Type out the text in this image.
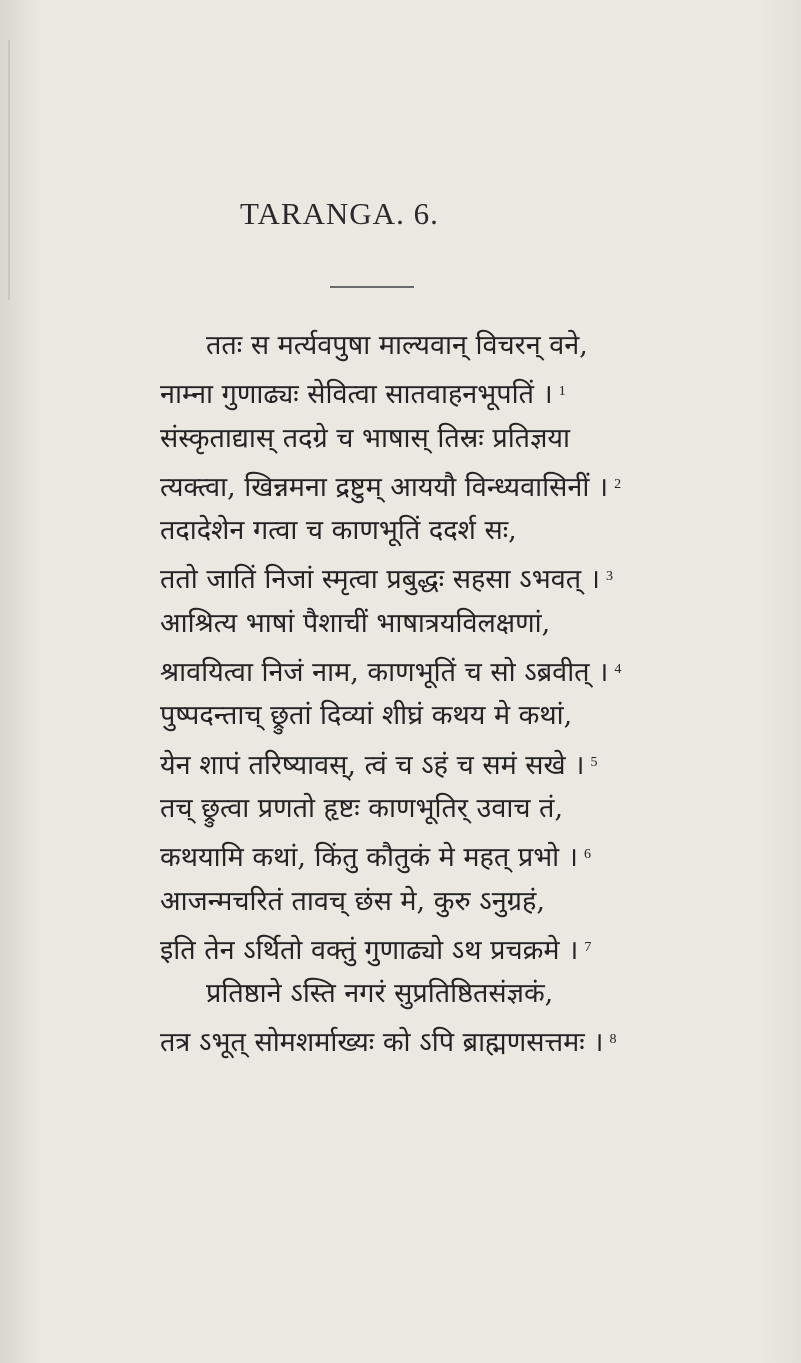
TARANGA. 6.
ततः स मर्त्यवपुषा माल्यवान् विचरन् वने,
नाम्ना गुणाढ्यः सेवित्वा सातवाहनभूपतिं । 1
संस्कृताद्यास् तदग्रे च भाषास् तिस्रः प्रतिज्ञया
त्यक्त्वा, खिन्नमना द्रष्टुम् आययौ विन्ध्यवासिनीं । 2
तदादेशेन गत्वा च काणभूतिं ददर्श सः,
ततो जातिं निजां स्मृत्वा प्रबुद्धः सहसा ऽभवत् । 3
आश्रित्य भाषां पैशाचीं भाषात्रयविलक्षणां,
श्रावयित्वा निजं नाम, काणभूतिं च सो ऽब्रवीत् । 4
पुष्पदन्ताच् छ्रुतां दिव्यां शीघ्रं कथय मे कथां,
येन शापं तरिष्यावस्, त्वं च ऽहं च समं सखे । 5
तच् छ्रुत्वा प्रणतो हृष्टः काणभूतिर् उवाच तं,
कथयामि कथां, किंतु कौतुकं मे महत् प्रभो । 6
आजन्मचरितं तावच् छंस मे, कुरु ऽनुग्रहं,
इति तेन ऽर्थितो वक्तुं गुणाढ्यो ऽथ प्रचक्रमे । 7
प्रतिष्ठाने ऽस्ति नगरं सुप्रतिष्ठितसंज्ञकं,
तत्र ऽभूत् सोमशर्माख्यः को ऽपि ब्राह्मणसत्तमः । 8
